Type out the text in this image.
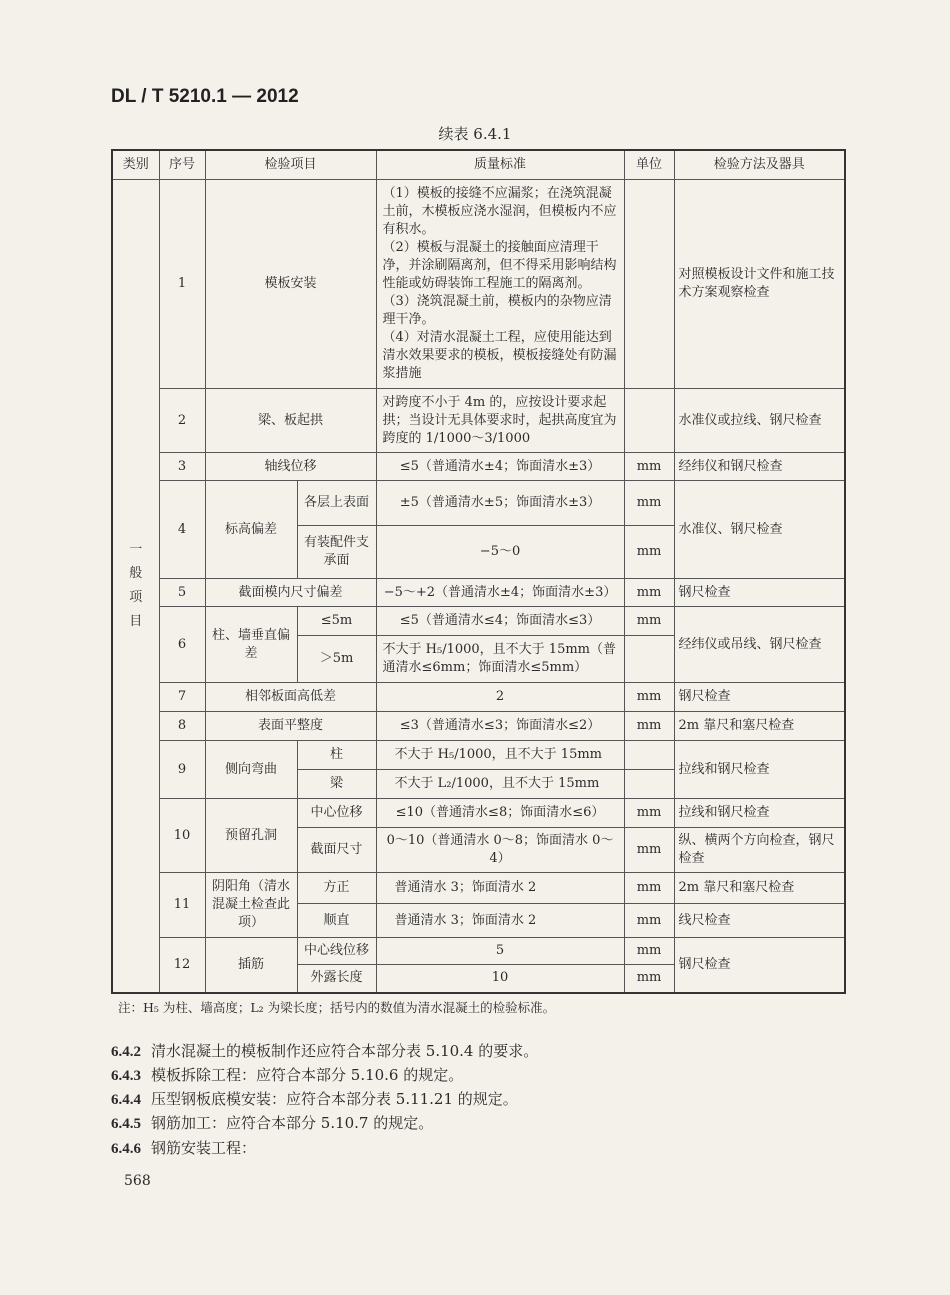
DL / T 5210.1 — 2012
续表 6.4.1
类别	序号	检验项目		质量标准	单位	检验方法及器具

一般项目	1	模板安装		（1）模板的接缝不应漏浆；在浇筑混凝土前，木模板应浇水湿润，但模板内不应有积水。
（2）模板与混凝土的接触面应清理干净，并涂刷隔离剂，但不得采用影响结构性能或妨碍装饰工程施工的隔离剂。
（3）浇筑混凝土前，模板内的杂物应清理干净。
（4）对清水混凝土工程，应使用能达到清水效果要求的模板，模板接缝处有防漏浆措施		对照模板设计文件和施工技术方案观察检查
	2	梁、板起拱		对跨度不小于 4m 的，应按设计要求起拱；当设计无具体要求时，起拱高度宜为跨度的 1/1000～3/1000		水准仪或拉线、钢尺检查
	3	轴线位移		≤5（普通清水±4；饰面清水±3）	mm	经纬仪和钢尺检查
	4	标高偏差	各层上表面	±5（普通清水±5；饰面清水±3）	mm	水准仪、钢尺检查
			有装配件支承面	−5～0	mm	
	5	截面模内尺寸偏差		−5～+2（普通清水±4；饰面清水±3）	mm	钢尺检查
	6	柱、墙垂直偏差	≤5m	≤5（普通清水≤4；饰面清水≤3）	mm	经纬仪或吊线、钢尺检查
			＞5m	不大于 H₅/1000，且不大于 15mm（普通清水≤6mm；饰面清水≤5mm）		
	7	相邻板面高低差		2	mm	钢尺检查
	8	表面平整度		≤3（普通清水≤3；饰面清水≤2）	mm	2m 靠尺和塞尺检查
	9	侧向弯曲	柱	不大于 H₅/1000，且不大于 15mm		拉线和钢尺检查
			梁	不大于 L₂/1000，且不大于 15mm		
	10	预留孔洞	中心位移	≤10（普通清水≤8；饰面清水≤6）	mm	拉线和钢尺检查
			截面尺寸	0～10（普通清水 0～8；饰面清水 0～4）	mm	纵、横两个方向检查，钢尺检查
	11	阴阳角（清水混凝土检查此项）	方正	普通清水 3；饰面清水 2	mm	2m 靠尺和塞尺检查
			顺直	普通清水 3；饰面清水 2	mm	线尺检查
	12	插筋	中心线位移	5	mm	钢尺检查
			外露长度	10	mm	
注：H₅ 为柱、墙高度；L₂ 为梁长度；括号内的数值为清水混凝土的检验标准。
6.4.2 清水混凝土的模板制作还应符合本部分表 5.10.4 的要求。
6.4.3 模板拆除工程：应符合本部分 5.10.6 的规定。
6.4.4 压型钢板底模安装：应符合本部分表 5.11.21 的规定。
6.4.5 钢筋加工：应符合本部分 5.10.7 的规定。
6.4.6 钢筋安装工程：
568
